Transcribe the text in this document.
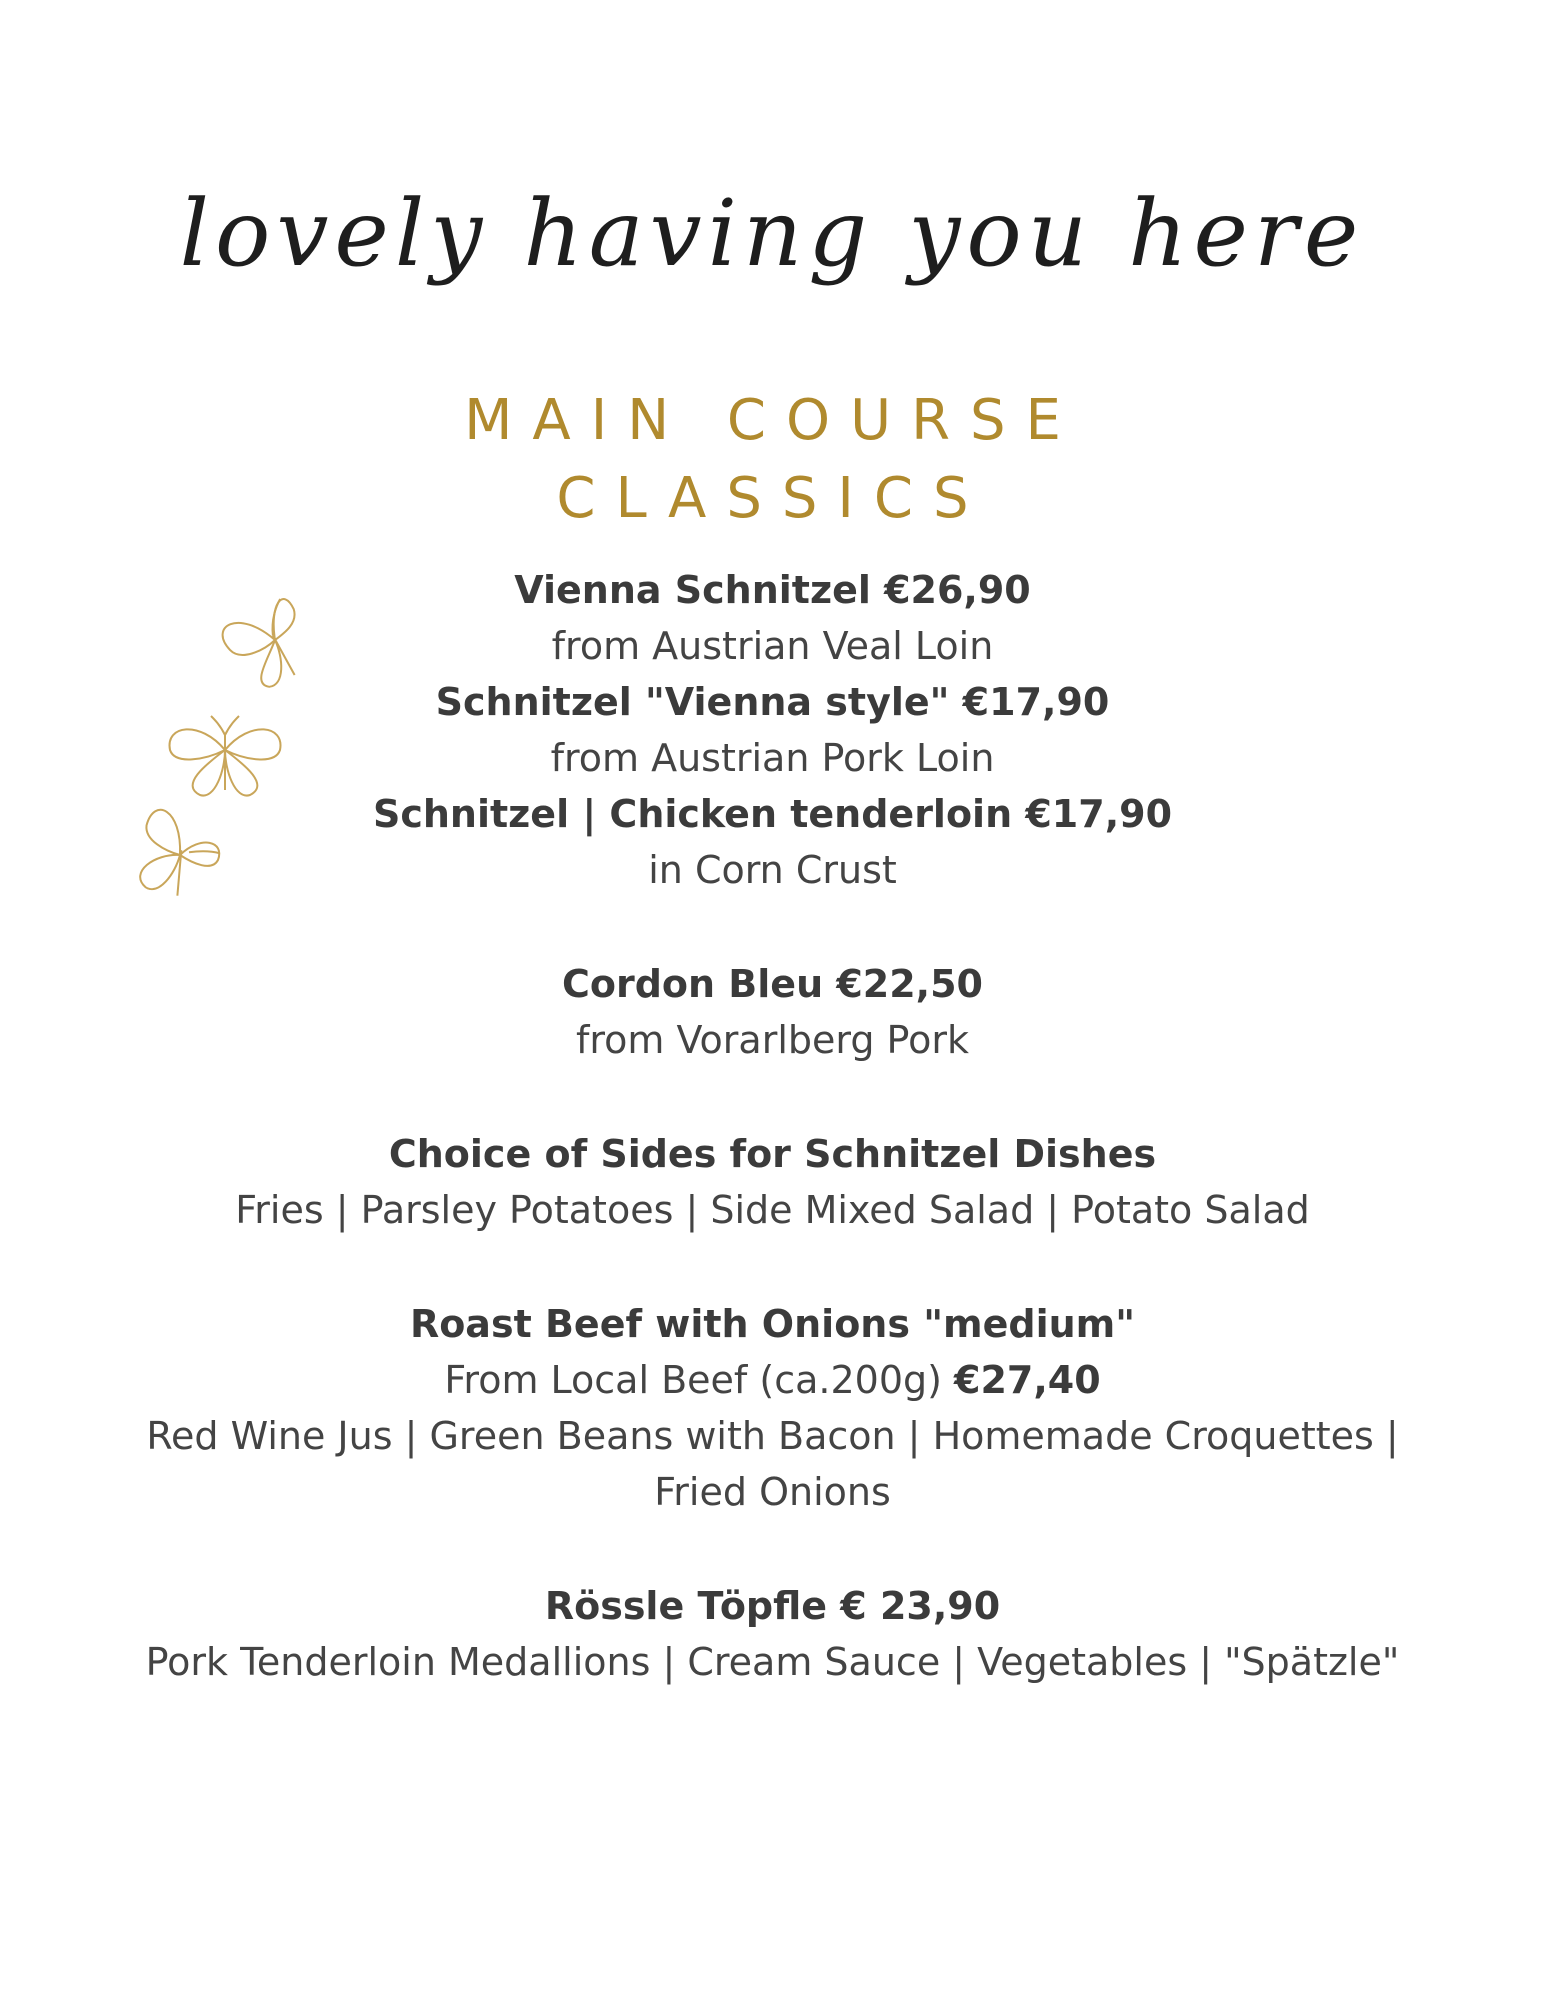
lovely having you here
MAIN COURSE
CLASSICS
Vienna Schnitzel €26,90
from Austrian Veal Loin
Schnitzel "Vienna style" €17,90
from Austrian Pork Loin
Schnitzel | Chicken tenderloin €17,90
in Corn Crust
Cordon Bleu €22,50
from Vorarlberg Pork
Choice of Sides for Schnitzel Dishes
Fries | Parsley Potatoes | Side Mixed Salad | Potato Salad
Roast Beef with Onions "medium"
From Local Beef (ca.200g) €27,40
Red Wine Jus | Green Beans with Bacon | Homemade Croquettes |
Fried Onions
Rössle Töpfle € 23,90
Pork Tenderloin Medallions | Cream Sauce | Vegetables | "Spätzle"
